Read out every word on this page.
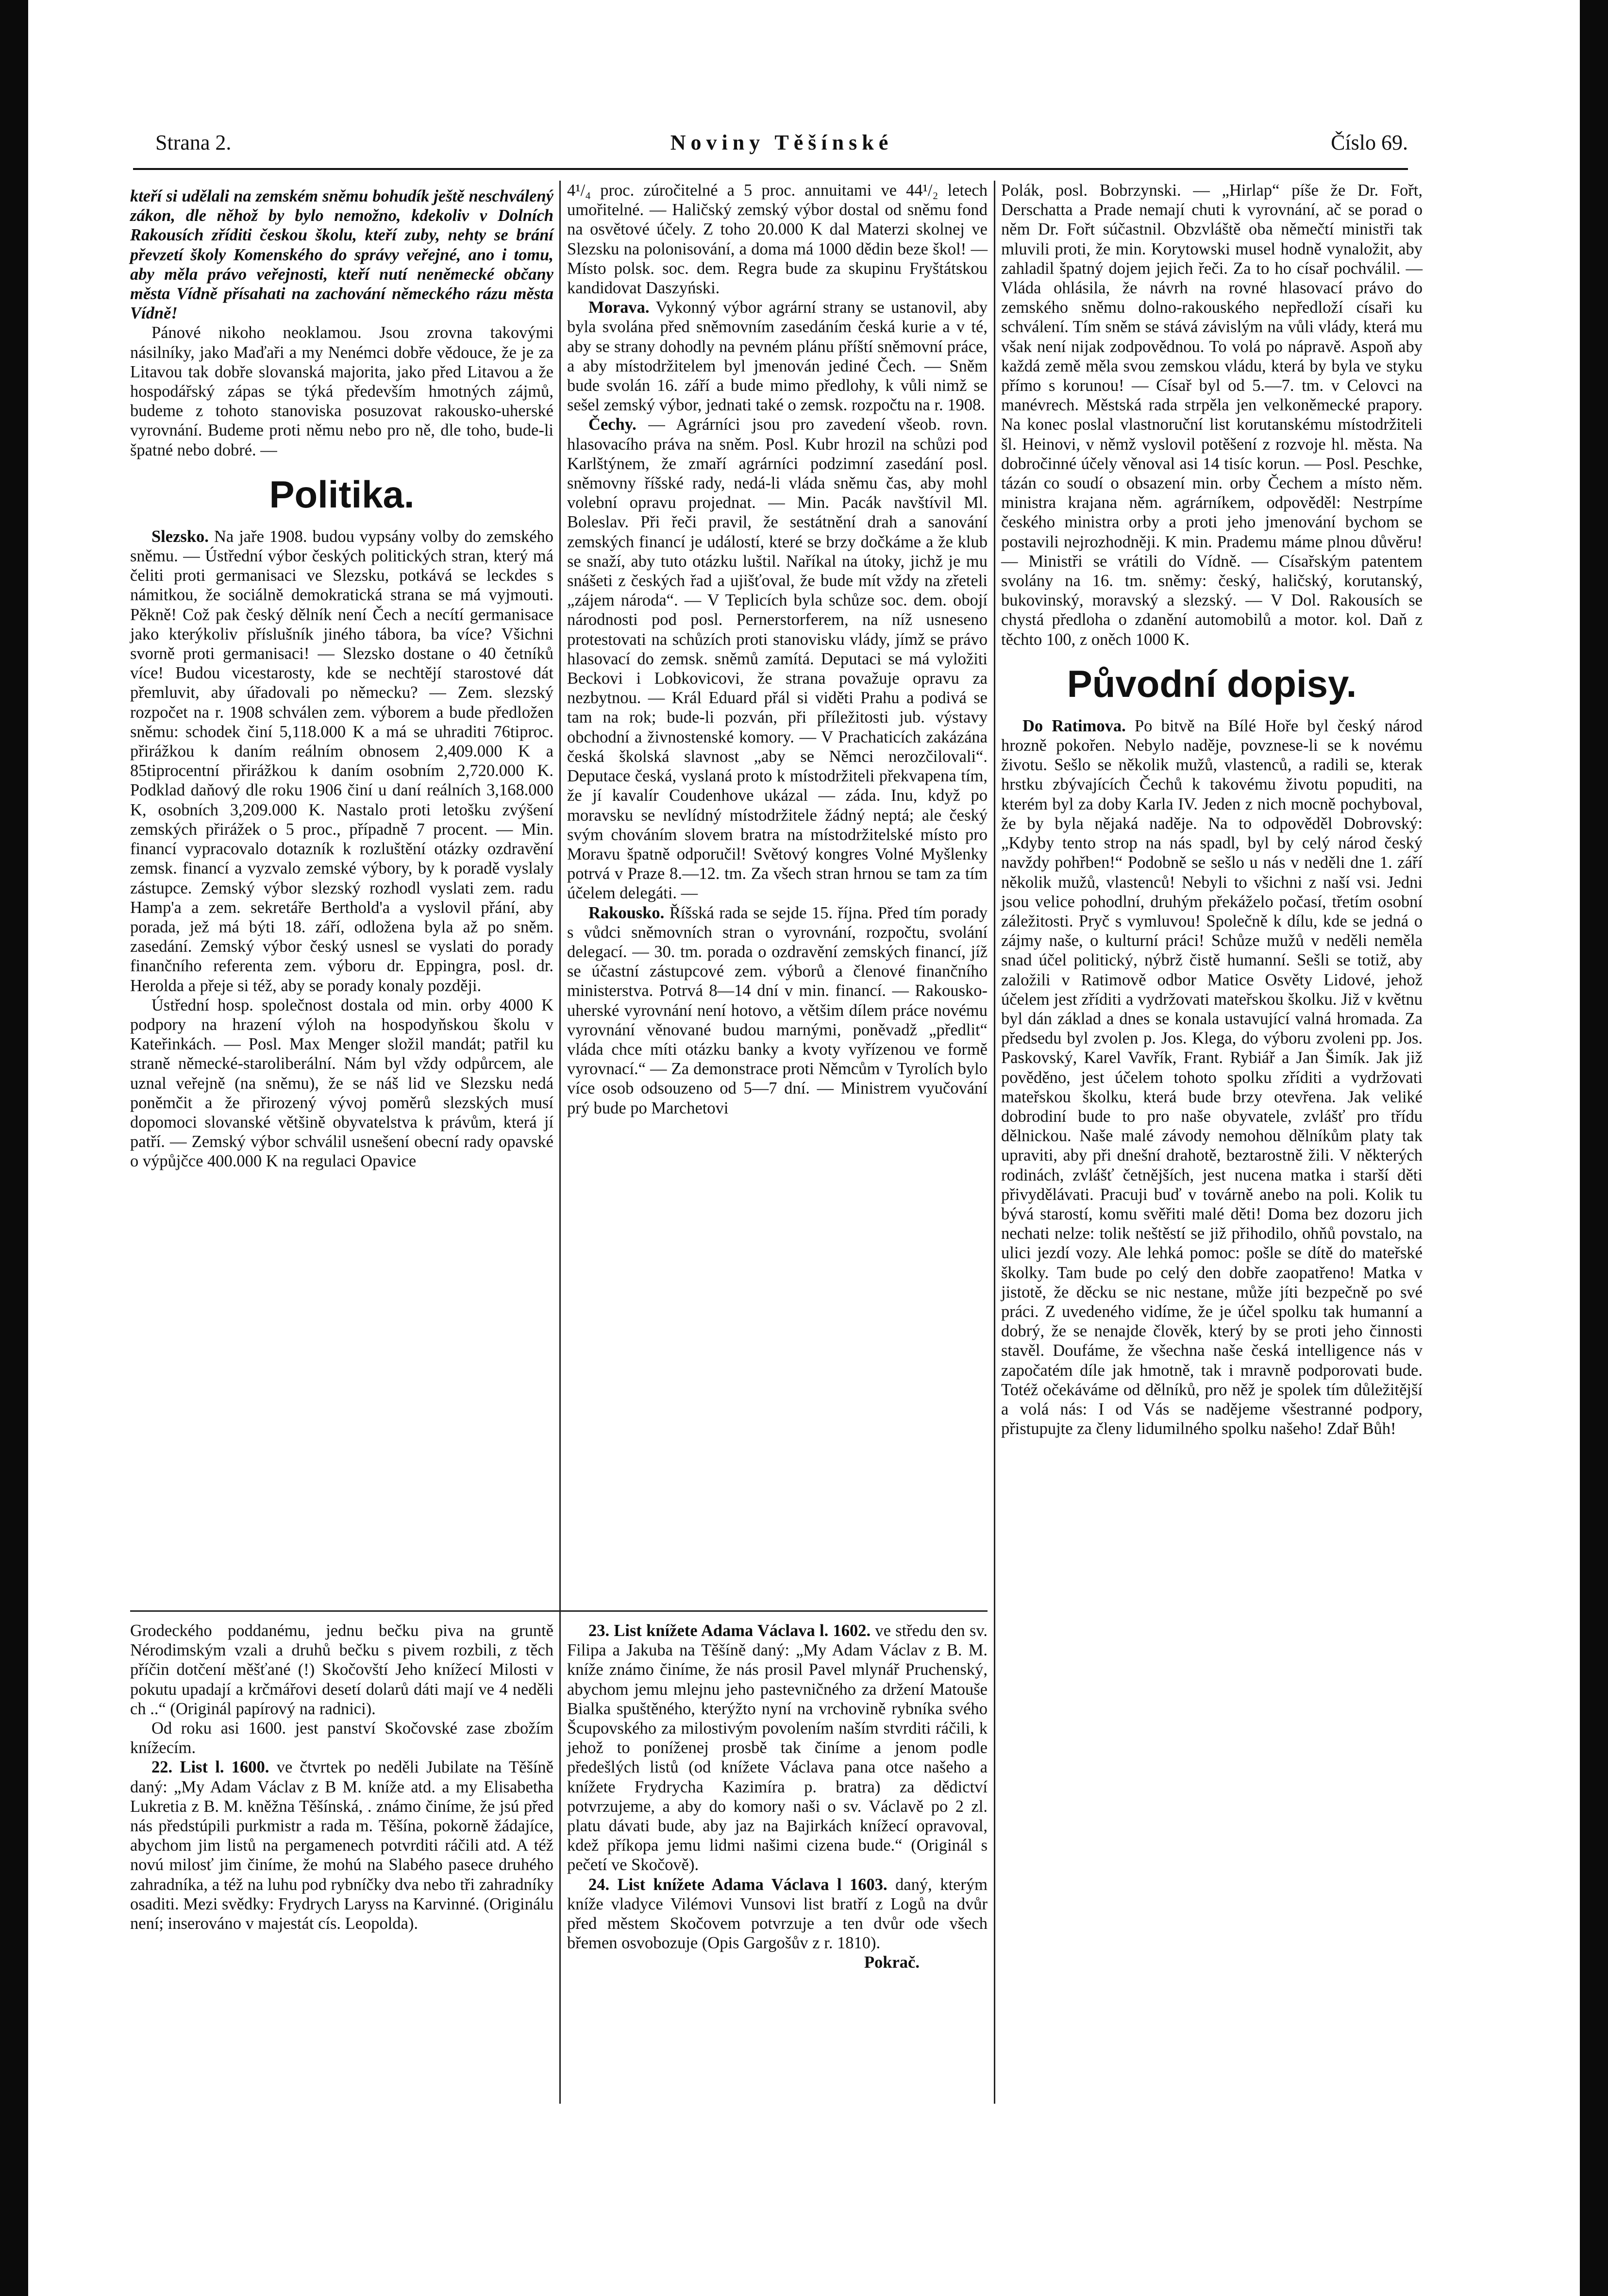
Strana 2.	Noviny Těšínské	Číslo 69.

kteří si udělali na zemském sněmu bohudík ještě neschválený zákon, dle něhož by bylo nemožno, kdekoliv v Dolních Rakousích zříditi českou školu, kteří zuby, nehty se brání převzetí školy Komenského do správy veřejné, ano i tomu, aby měla právo veřejnosti, kteří nutí neněmecké občany města Vídně přísahati na zachování německého rázu města Vídně!

Pánové nikoho neoklamou. Jsou zrovna takovými násilníky, jako Maďaři a my Nenémci dobře vědouce, že je za Litavou tak dobře slovanská majorita, jako před Litavou a že hospodářský zápas se týká především hmotných zájmů, budeme z tohoto stanoviska posuzovat rakousko-uherské vyrovnání. Budeme proti němu nebo pro ně, dle toho, bude-li špatné nebo dobré. —

Politika.

Slezsko. Na jaře 1908. budou vypsány volby do zemského sněmu. — Ústřední výbor českých politických stran, který má čeliti proti germanisaci ve Slezsku, potkává se leckdes s námitkou, že sociálně demokratická strana se má vyjmouti. Pěkně! Což pak český dělník není Čech a necítí germanisace jako kterýkoliv příslušník jiného tábora, ba více? Všichni svorně proti germanisaci! — Slezsko dostane o 40 četníků více! Budou vicestarosty, kde se nechtějí starostové dát přemluvit, aby úřadovali po německu? — Zem. slezský rozpočet na r. 1908 schválen zem. výborem a bude předložen sněmu: schodek činí 5,118.000 K a má se uhraditi 76tiproc. přirážkou k daním reálním obnosem 2,409.000 K a 85tiprocentní přirážkou k daním osobním 2,720.000 K. Podklad daňový dle roku 1906 činí u daní reálních 3,168.000 K, osobních 3,209.000 K. Nastalo proti letošku zvýšení zemských přirážek o 5 proc., případně 7 procent. — Min. financí vypracovalo dotazník k rozluštění otázky ozdravění zemsk. financí a vyzvalo zemské výbory, by k poradě vyslaly zástupce. Zemský výbor slezský rozhodl vyslati zem. radu Hamp'a a zem. sekretáře Berthold'a a vyslovil přání, aby porada, jež má býti 18. září, odložena byla až po sněm. zasedání. Zemský výbor český usnesl se vyslati do porady finančního referenta zem. výboru dr. Eppingra, posl. dr. Herolda a přeje si též, aby se porady konaly později.

Ústřední hosp. společnost dostala od min. orby 4000 K podpory na hrazení výloh na hospodyňskou školu v Kateřinkách. — Posl. Max Menger složil mandát; patřil ku straně německé-staroliberální. Nám byl vždy odpůrcem, ale uznal veřejně (na sněmu), že se náš lid ve Slezsku nedá poněmčit a že přirozený vývoj poměrů slezských musí dopomoci slovanské většině obyvatelstva k právům, která jí patří. — Zemský výbor schválil usnešení obecní rady opavské o výpůjčce 400.000 K na regulaci Opavice

4¹/₄ proc. zúročitelné a 5 proc. annuitami ve 44¹/₂ letech umořitelné. — Haličský zemský výbor dostal od sněmu fond na osvětové účely. Z toho 20.000 K dal Materzi skolnej ve Slezsku na polonisování, a doma má 1000 dědin beze škol! — Místo polsk. soc. dem. Regra bude za skupinu Fryštátskou kandidovat Daszyński.

Morava. Vykonný výbor agrární strany se ustanovil, aby byla svolána před sněmovním zasedáním česká kurie a v té, aby se strany dohodly na pevném plánu příští sněmovní práce, a aby místodržitelem byl jmenován jediné Čech. — Sněm bude svolán 16. září a bude mimo předlohy, k vůli nimž se sešel zemský výbor, jednati také o zemsk. rozpočtu na r. 1908.

Čechy. — Agrárníci jsou pro zavedení všeob. rovn. hlasovacího práva na sněm. Posl. Kubr hrozil na schůzi pod Karlštýnem, že zmaří agrárníci podzimní zasedání posl. sněmovny říšské rady, nedá-li vláda sněmu čas, aby mohl volební opravu projednat. — Min. Pacák navštívil Ml. Boleslav. Při řeči pravil, že sestátnění drah a sanování zemských financí je událostí, které se brzy dočkáme a že klub se snaží, aby tuto otázku luštil. Naříkal na útoky, jichž je mu snášeti z českých řad a ujišťoval, že bude mít vždy na zřeteli „zájem národa“. — V Teplicích byla schůze soc. dem. obojí národnosti pod posl. Pernerstorferem, na níž usneseno protestovati na schůzích proti stanovisku vlády, jímž se právo hlasovací do zemsk. sněmů zamítá. Deputaci se má vyložiti Beckovi i Lobkovicovi, že strana považuje opravu za nezbytnou. — Král Eduard přál si viděti Prahu a podivá se tam na rok; bude-li pozván, při příležitosti jub. výstavy obchodní a živnostenské komory. — V Prachaticích zakázána česká školská slavnost „aby se Němci nerozčilovali“. Deputace česká, vyslaná proto k místodržiteli překvapena tím, že jí kavalír Coudenhove ukázal — záda. Inu, když po moravsku se nevlídný místodržitele žádný neptá; ale český svým chováním slovem bratra na místodržitelské místo pro Moravu špatně odporučil! Světový kongres Volné Myšlenky potrvá v Praze 8.—12. tm. Za všech stran hrnou se tam za tím účelem delegáti. —

Rakousko. Říšská rada se sejde 15. října. Před tím porady s vůdci sněmovních stran o vyrovnání, rozpočtu, svolání delegací. — 30. tm. porada o ozdravění zemských financí, jíž se účastní zástupcové zem. výborů a členové finančního ministerstva. Potrvá 8—14 dní v min. financí. — Rakousko-uherské vyrovnání není hotovo, a většim dílem práce novému vyrovnání věnované budou marnými, poněvadž „předlit“ vláda chce míti otázku banky a kvoty vyřízenou ve formě vyrovnací.“ — Za demonstrace proti Němcům v Tyrolích bylo více osob odsouzeno od 5—7 dní. — Ministrem vyučování prý bude po Marchetovi

Polák, posl. Bobrzynski. — „Hirlap“ píše že Dr. Fořt, Derschatta a Prade nemají chuti k vyrovnání, ač se porad o něm Dr. Fořt súčastnil. Obzvláště oba němečtí ministři tak mluvili proti, že min. Korytowski musel hodně vynaložit, aby zahladil špatný dojem jejich řeči. Za to ho císař pochválil. — Vláda ohlásila, že návrh na rovné hlasovací právo do zemského sněmu dolno-rakouského nepředloží císaři ku schválení. Tím sněm se stává závislým na vůli vlády, která mu však není nijak zodpovědnou. To volá po nápravě. Aspoň aby každá země měla svou zemskou vládu, která by byla ve styku přímo s korunou! — Císař byl od 5.—7. tm. v Celovci na manévrech. Městská rada strpěla jen velkoněmecké prapory. Na konec poslal vlastnoruční list korutanskému místodržiteli šl. Heinovi, v němž vyslovil potěšení z rozvoje hl. města. Na dobročinné účely věnoval asi 14 tisíc korun. — Posl. Peschke, tázán co soudí o obsazení min. orby Čechem a místo něm. ministra krajana něm. agrárníkem, odpověděl: Nestrpíme českého ministra orby a proti jeho jmenování bychom se postavili nejrozhodněji. K min. Prademu máme plnou důvěru! — Ministři se vrátili do Vídně. — Císařským patentem svolány na 16. tm. sněmy: český, haličský, korutanský, bukovinský, moravský a slezský. — V Dol. Rakousích se chystá předloha o zdanění automobilů a motor. kol. Daň z těchto 100, z oněch 1000 K.

Původní dopisy.

Do Ratimova. Po bitvě na Bílé Hoře byl český národ hrozně pokořen. Nebylo naděje, povznese-li se k novému životu. Sešlo se několik mužů, vlastenců, a radili se, kterak hrstku zbývajících Čechů k takovému životu popuditi, na kterém byl za doby Karla IV. Jeden z nich mocně pochyboval, že by byla nějaká naděje. Na to odpověděl Dobrovský: „Kdyby tento strop na nás spadl, byl by celý národ český navždy pohřben!“ Podobně se sešlo u nás v neděli dne 1. září několik mužů, vlastenců! Nebyli to všichni z naší vsi. Jedni jsou velice pohodlní, druhým překáželo počasí, třetím osobní záležitosti. Pryč s vymluvou! Společně k dílu, kde se jedná o zájmy naše, o kulturní práci! Schůze mužů v neděli neměla snad účel politický, nýbrž čistě humanní. Sešli se totiž, aby založili v Ratimově odbor Matice Osvěty Lidové, jehož účelem jest zříditi a vydržovati mateřskou školku. Již v květnu byl dán základ a dnes se konala ustavující valná hromada. Za předsedu byl zvolen p. Jos. Klega, do výboru zvoleni pp. Jos. Paskovský, Karel Vavřík, Frant. Rybiář a Jan Šimík. Jak již pověděno, jest účelem tohoto spolku zříditi a vydržovati mateřskou školku, která bude brzy otevřena. Jak veliké dobrodiní bude to pro naše obyvatele, zvlášť pro třídu dělnickou. Naše malé závody nemohou dělníkům platy tak upraviti, aby při dnešní drahotě, beztarostně žili. V některých rodinách, zvlášť četnějších, jest nucena matka i starší děti přivydělávati. Pracuji buď v továrně anebo na poli. Kolik tu bývá starostí, komu svěřiti malé děti! Doma bez dozoru jich nechati nelze: tolik neštěstí se již přihodilo, ohňů povstalo, na ulici jezdí vozy. Ale lehká pomoc: pošle se dítě do mateřské školky. Tam bude po celý den dobře zaopatřeno! Matka v jistotě, že děcku se nic nestane, může jíti bezpečně po své práci. Z uvedeného vidíme, že je účel spolku tak humanní a dobrý, že se nenajde člověk, který by se proti jeho činnosti stavěl. Doufáme, že všechna naše česká intelligence nás v započatém díle jak hmotně, tak i mravně podporovati bude. Totéž očekáváme od dělníků, pro něž je spolek tím důležitější a volá nás: I od Vás se nadějeme všestranné podpory, přistupujte za členy lidumilného spolku našeho! Zdař Bůh!

Grodeckého poddanému, jednu bečku piva na gruntě Nérodimským vzali a druhů bečku s pivem rozbili, z těch příčin dotčení měšťané (!) Skočovští Jeho knížecí Milosti v pokutu upadají a krčmářovi desetí dolarů dáti mají ve 4 neděli ch ..“ (Originál papírový na radnici).

Od roku asi 1600. jest panství Skočovské zase zbožím knížecím.

22. List l. 1600. ve čtvrtek po neděli Jubilate na Těšíně daný: „My Adam Václav z B M. kníže atd. a my Elisabetha Lukretia z B. M. kněžna Těšínská, . známo činíme, že jsú před nás předstúpili purkmistr a rada m. Těšína, pokorně žádajíce, abychom jim listů na pergamenech potvrditi ráčili atd. A též novú milosť jim činíme, že mohú na Slabého pasece druhého zahradníka, a též na luhu pod rybníčky dva nebo tři zahradníky osaditi. Mezi svědky: Frydrych Laryss na Karvinné. (Originálu není; inserováno v majestát cís. Leopolda).

23. List knížete Adama Václava l. 1602. ve středu den sv. Filipa a Jakuba na Těšíně daný: „My Adam Václav z B. M. kníže známo činíme, že nás prosil Pavel mlynář Pruchenský, abychom jemu mlejnu jeho pastevničného za držení Matouše Bialka spuštěného, kterýžto nyní na vrchovině rybníka svého Šcupovského za milostivým povolením naším stvrditi ráčili, k jehož to poníženej prosbě tak činíme a jenom podle předešlých listů (od knížete Václava pana otce našeho a knížete Frydrycha Kazimíra p. bratra) za dědictví potvrzujeme, a aby do komory naši o sv. Václavě po 2 zl. platu dávati bude, aby jaz na Bajirkách knížecí opravoval, kdež příkopa jemu lidmi našimi cizena bude.“ (Originál s pečetí ve Skočově).

24. List knížete Adama Václava l 1603. daný, kterým kníže vladyce Vilémovi Vunsovi list bratří z Logů na dvůr před městem Skočovem potvrzuje a ten dvůr ode všech břemen osvobozuje (Opis Gargošův z r. 1810).

Pokrač.
